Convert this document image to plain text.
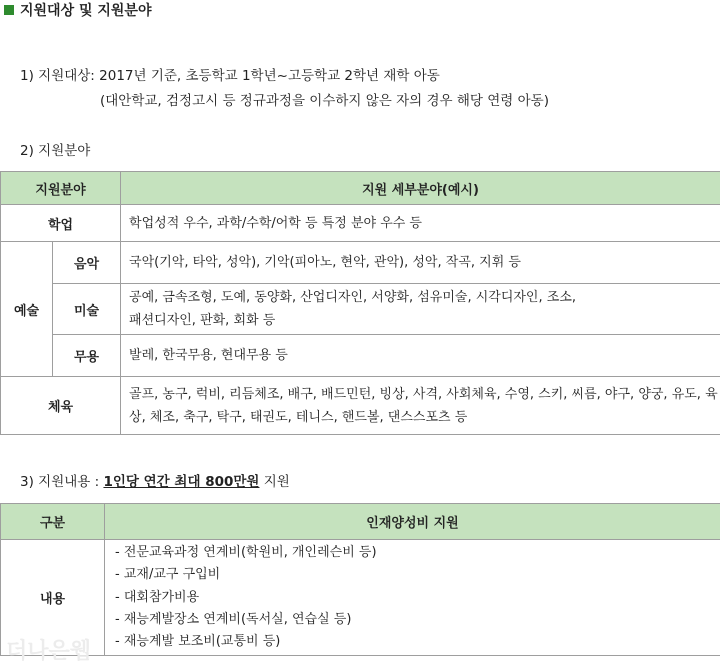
지원대상 및 지원분야
1) 지원대상: 2017년 기준, 초등학교 1학년~고등학교 2학년 재학 아동
(대안학교, 검정고시 등 정규과정을 이수하지 않은 자의 경우 해당 연령 아동)
2) 지원분야
지원분야		지원 세부분야(예시)
학업		학업성적 우수, 과학/수학/어학 등 특정 분야 우수 등
예술	음악	국악(기악, 타악, 성악), 기악(피아노, 현악, 관악), 성악, 작곡, 지휘 등
	미술	공예, 금속조형, 도예, 동양화, 산업디자인, 서양화, 섬유미술, 시각디자인, 조소,
패션디자인, 판화, 회화 등

	무용	발레, 한국무용, 현대무용 등
체육		골프, 농구, 럭비, 리듬체조, 배구, 배드민턴, 빙상, 사격, 사회체육, 수영, 스키, 씨름, 야구, 양궁, 유도, 육
상, 체조, 축구, 탁구, 태권도, 테니스, 핸드볼, 댄스스포츠 등
3) 지원내용 : 1인당 연간 최대 800만원 지원
구분	인재양성비 지원
내용	- 전문교육과정 연계비(학원비, 개인레슨비 등)
- 교재/교구 구입비
- 대회참가비용
- 재능계발장소 연계비(독서실, 연습실 등)
- 재능계발 보조비(교통비 등)
더나은웹
